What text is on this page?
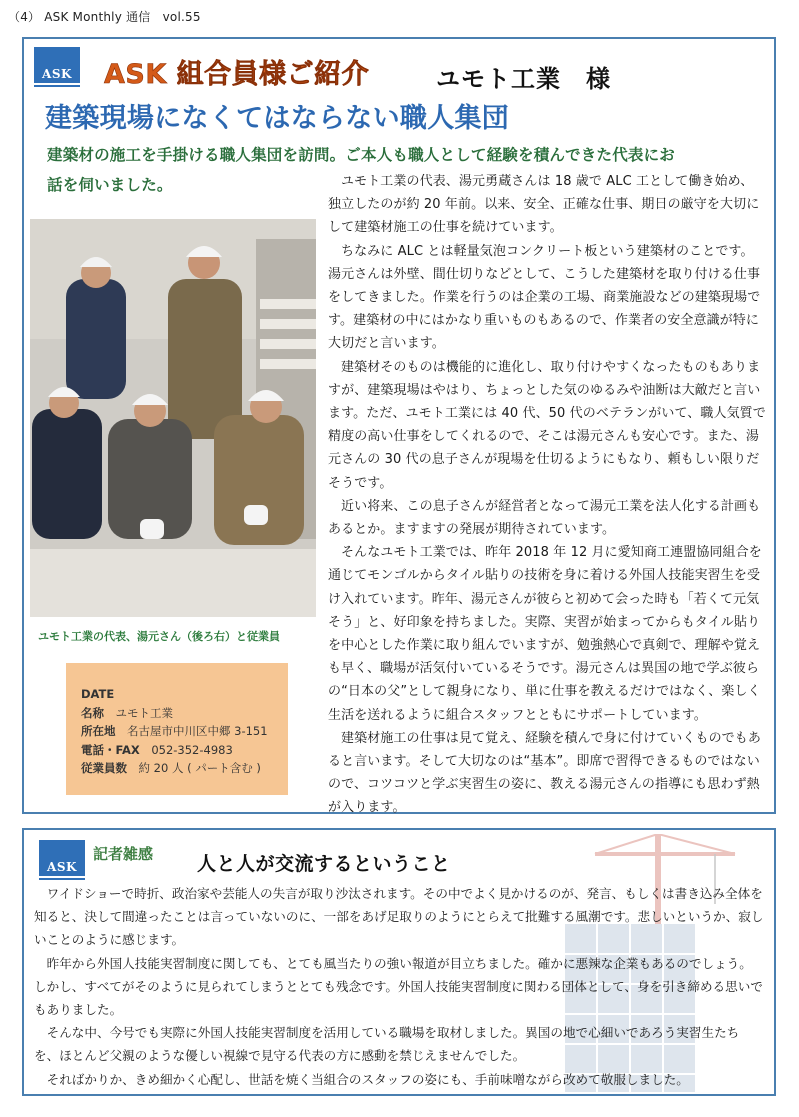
（4） ASK Monthly 通信　vol.55
ASK ASK 組合員様ご紹介	ユモト工業　様
建築現場になくてはならない職人集団
建築材の施工を手掛ける職人集団を訪問。ご本人も職人として経験を積んできた代表にお話を伺いました。
ユモト工業の代表、湯元さん（後ろ右）と従業員
DATE
名称　 ユモト工業
所在地　 名古屋市中川区中郷 3-151
電話・FAX　 052-352-4983
従業員数　 約 20 人 ( パート含む )

ユモト工業の代表、湯元勇蔵さんは 18 歳で ALC 工として働き始め、独立したのが約 20 年前。以来、安全、正確な仕事、期日の厳守を大切にして建築材施工の仕事を続けています。

ちなみに ALC とは軽量気泡コンクリート板という建築材のことです。湯元さんは外壁、間仕切りなどとして、こうした建築材を取り付ける仕事をしてきました。作業を行うのは企業の工場、商業施設などの建築現場です。建築材の中にはかなり重いものもあるので、作業者の安全意識が特に大切だと言います。

建築材そのものは機能的に進化し、取り付けやすくなったものもありますが、建築現場はやはり、ちょっとした気のゆるみや油断は大敵だと言います。ただ、ユモト工業には 40 代、50 代のベテランがいて、職人気質で精度の高い仕事をしてくれるので、そこは湯元さんも安心です。また、湯元さんの 30 代の息子さんが現場を仕切るようにもなり、頼もしい限りだそうです。

近い将来、この息子さんが経営者となって湯元工業を法人化する計画もあるとか。ますますの発展が期待されています。

そんなユモト工業では、昨年 2018 年 12 月に愛知商工連盟協同組合を通じてモンゴルからタイル貼りの技術を身に着ける外国人技能実習生を受け入れています。昨年、湯元さんが彼らと初めて会った時も「若くて元気そう」と、好印象を持ちました。実際、実習が始まってからもタイル貼りを中心とした作業に取り組んでいますが、勉強熱心で真剣で、理解や覚えも早く、職場が活気付いているそうです。湯元さんは異国の地で学ぶ彼らの“日本の父”として親身になり、単に仕事を教えるだけではなく、楽しく生活を送れるように組合スタッフとともにサポートしています。

建築材施工の仕事は見て覚え、経験を積んで身に付けていくものでもあると言います。そして大切なのは“基本”。即席で習得できるものではないので、コツコツと学ぶ実習生の姿に、教える湯元さんの指導にも思わず熱が入ります。

ASK
記者雑感 人と人が交流するということ

ワイドショーで時折、政治家や芸能人の失言が取り沙汰されます。その中でよく見かけるのが、発言、もしくは書き込み全体を知ると、決して間違ったことは言っていないのに、一部をあげ足取りのようにとらえて批難する風潮です。悲しいというか、寂しいことのように感じます。

昨年から外国人技能実習制度に関しても、とても風当たりの強い報道が目立ちました。確かに悪辣な企業もあるのでしょう。しかし、すべてがそのように見られてしまうととても残念です。外国人技能実習制度に関わる団体として、身を引き締める思いでもありました。

そんな中、今号でも実際に外国人技能実習制度を活用している職場を取材しました。異国の地で心細いであろう実習生たちを、ほとんど父親のような優しい視線で見守る代表の方に感動を禁じえませんでした。

そればかりか、きめ細かく心配し、世話を焼く当組合のスタッフの姿にも、手前味噌ながら改めて敬服しました。
